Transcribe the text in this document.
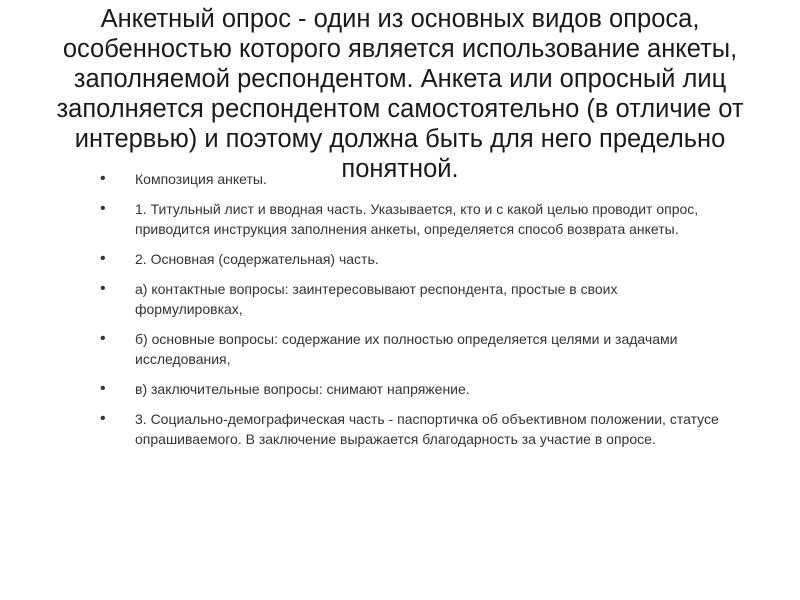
Анкетный опрос - один из основных видов опроса, особенностью которого является использование анкеты, заполняемой респондентом. Анкета или опросный лиц заполняется респондентом самостоятельно (в отличие от интервью) и поэтому должна быть для него предельно понятной.
• Композиция анкеты.
• 1. Титульный лист и вводная часть. Указывается, кто и с какой целью проводит опрос, приводится инструкция заполнения анкеты, определяется способ возврата анкеты.
• 2. Основная (содержательная) часть.
• а) контактные вопросы: заинтересовывают респондента, простые в своих формулировках,
• б) основные вопросы: содержание их полностью определяется целями и задачами исследования,
• в) заключительные вопросы: снимают напряжение.
• 3. Социально-демографическая часть - паспортичка об объективном положении, статусе опрашиваемого. В заключение выражается благодарность за участие в опросе.
